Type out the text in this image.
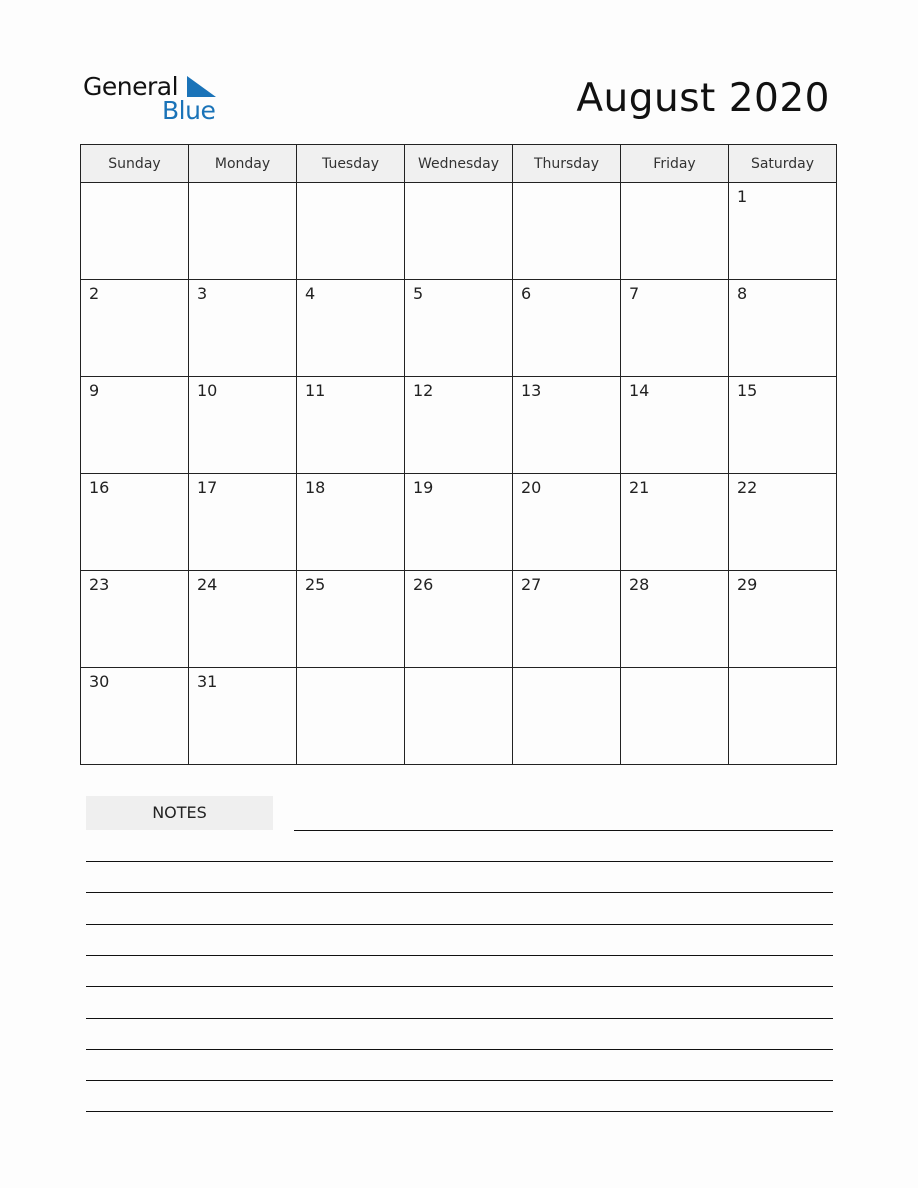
General
Blue	August 2020
Sunday	Monday	Tuesday	Wednesday	Thursday	Friday	Saturday

						1

2	3	4	5	6	7	8

9	10	11	12	13	14	15

16	17	18	19	20	21	22

23	24	25	26	27	28	29

30	31					

NOTES
